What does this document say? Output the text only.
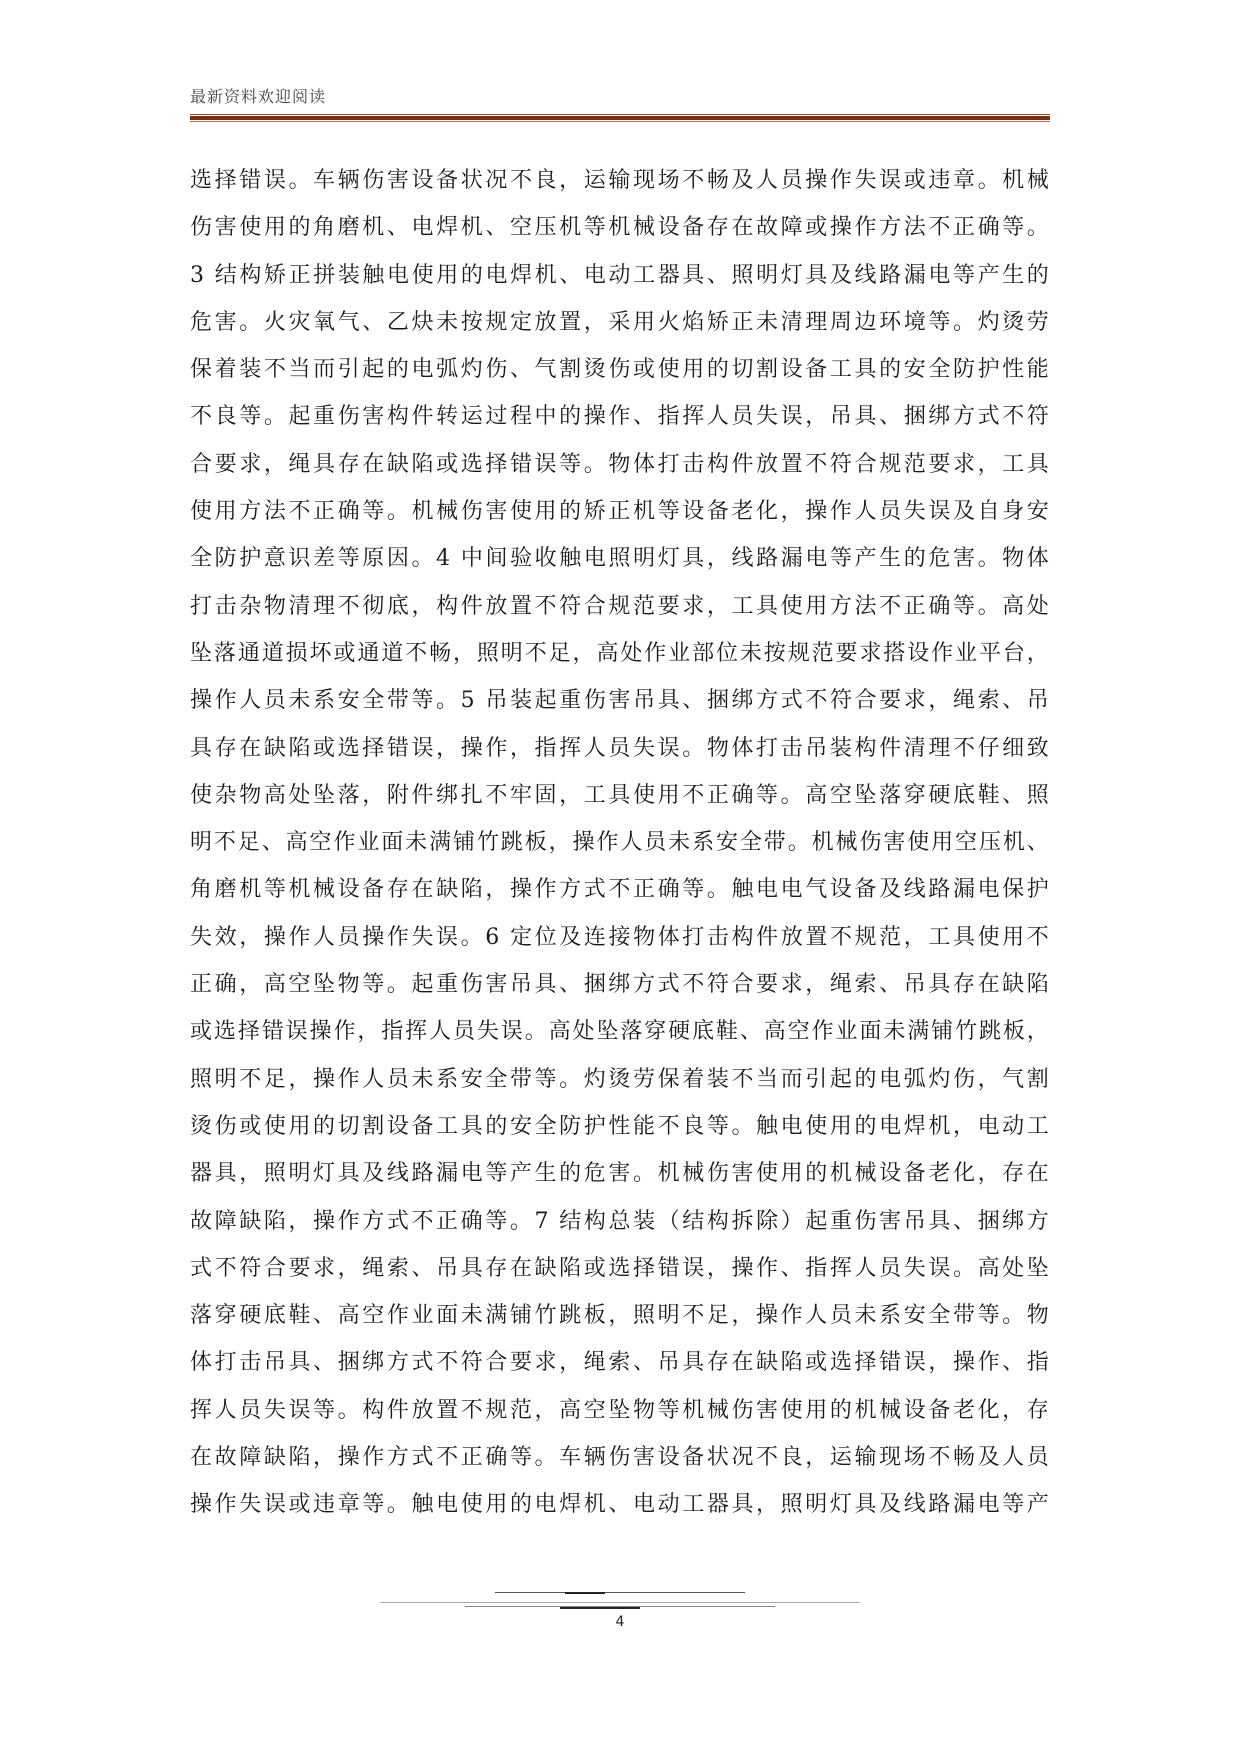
最新资料欢迎阅读
选择错误。车辆伤害设备状况不良，运输现场不畅及人员操作失误或违章。机械
伤害使用的角磨机、电焊机、空压机等机械设备存在故障或操作方法不正确等。
3 结构矫正拼装触电使用的电焊机、电动工器具、照明灯具及线路漏电等产生的
危害。火灾氧气、乙炔未按规定放置，采用火焰矫正未清理周边环境等。灼烫劳
保着装不当而引起的电弧灼伤、气割烫伤或使用的切割设备工具的安全防护性能
不良等。起重伤害构件转运过程中的操作、指挥人员失误，吊具、捆绑方式不符
合要求，绳具存在缺陷或选择错误等。物体打击构件放置不符合规范要求，工具
使用方法不正确等。机械伤害使用的矫正机等设备老化，操作人员失误及自身安
全防护意识差等原因。4 中间验收触电照明灯具，线路漏电等产生的危害。物体
打击杂物清理不彻底，构件放置不符合规范要求，工具使用方法不正确等。高处
坠落通道损坏或通道不畅，照明不足，高处作业部位未按规范要求搭设作业平台，
操作人员未系安全带等。5 吊装起重伤害吊具、捆绑方式不符合要求，绳索、吊
具存在缺陷或选择错误，操作，指挥人员失误。物体打击吊装构件清理不仔细致
使杂物高处坠落，附件绑扎不牢固，工具使用不正确等。高空坠落穿硬底鞋、照
明不足、高空作业面未满铺竹跳板，操作人员未系安全带。机械伤害使用空压机、
角磨机等机械设备存在缺陷，操作方式不正确等。触电电气设备及线路漏电保护
失效，操作人员操作失误。6 定位及连接物体打击构件放置不规范，工具使用不
正确，高空坠物等。起重伤害吊具、捆绑方式不符合要求，绳索、吊具存在缺陷
或选择错误操作，指挥人员失误。高处坠落穿硬底鞋、高空作业面未满铺竹跳板，
照明不足，操作人员未系安全带等。灼烫劳保着装不当而引起的电弧灼伤，气割
烫伤或使用的切割设备工具的安全防护性能不良等。触电使用的电焊机，电动工
器具，照明灯具及线路漏电等产生的危害。机械伤害使用的机械设备老化，存在
故障缺陷，操作方式不正确等。7 结构总装（结构拆除）起重伤害吊具、捆绑方
式不符合要求，绳索、吊具存在缺陷或选择错误，操作、指挥人员失误。高处坠
落穿硬底鞋、高空作业面未满铺竹跳板，照明不足，操作人员未系安全带等。物
体打击吊具、捆绑方式不符合要求，绳索、吊具存在缺陷或选择错误，操作、指
挥人员失误等。构件放置不规范，高空坠物等机械伤害使用的机械设备老化，存
在故障缺陷，操作方式不正确等。车辆伤害设备状况不良，运输现场不畅及人员
操作失误或违章等。触电使用的电焊机、电动工器具，照明灯具及线路漏电等产
4
